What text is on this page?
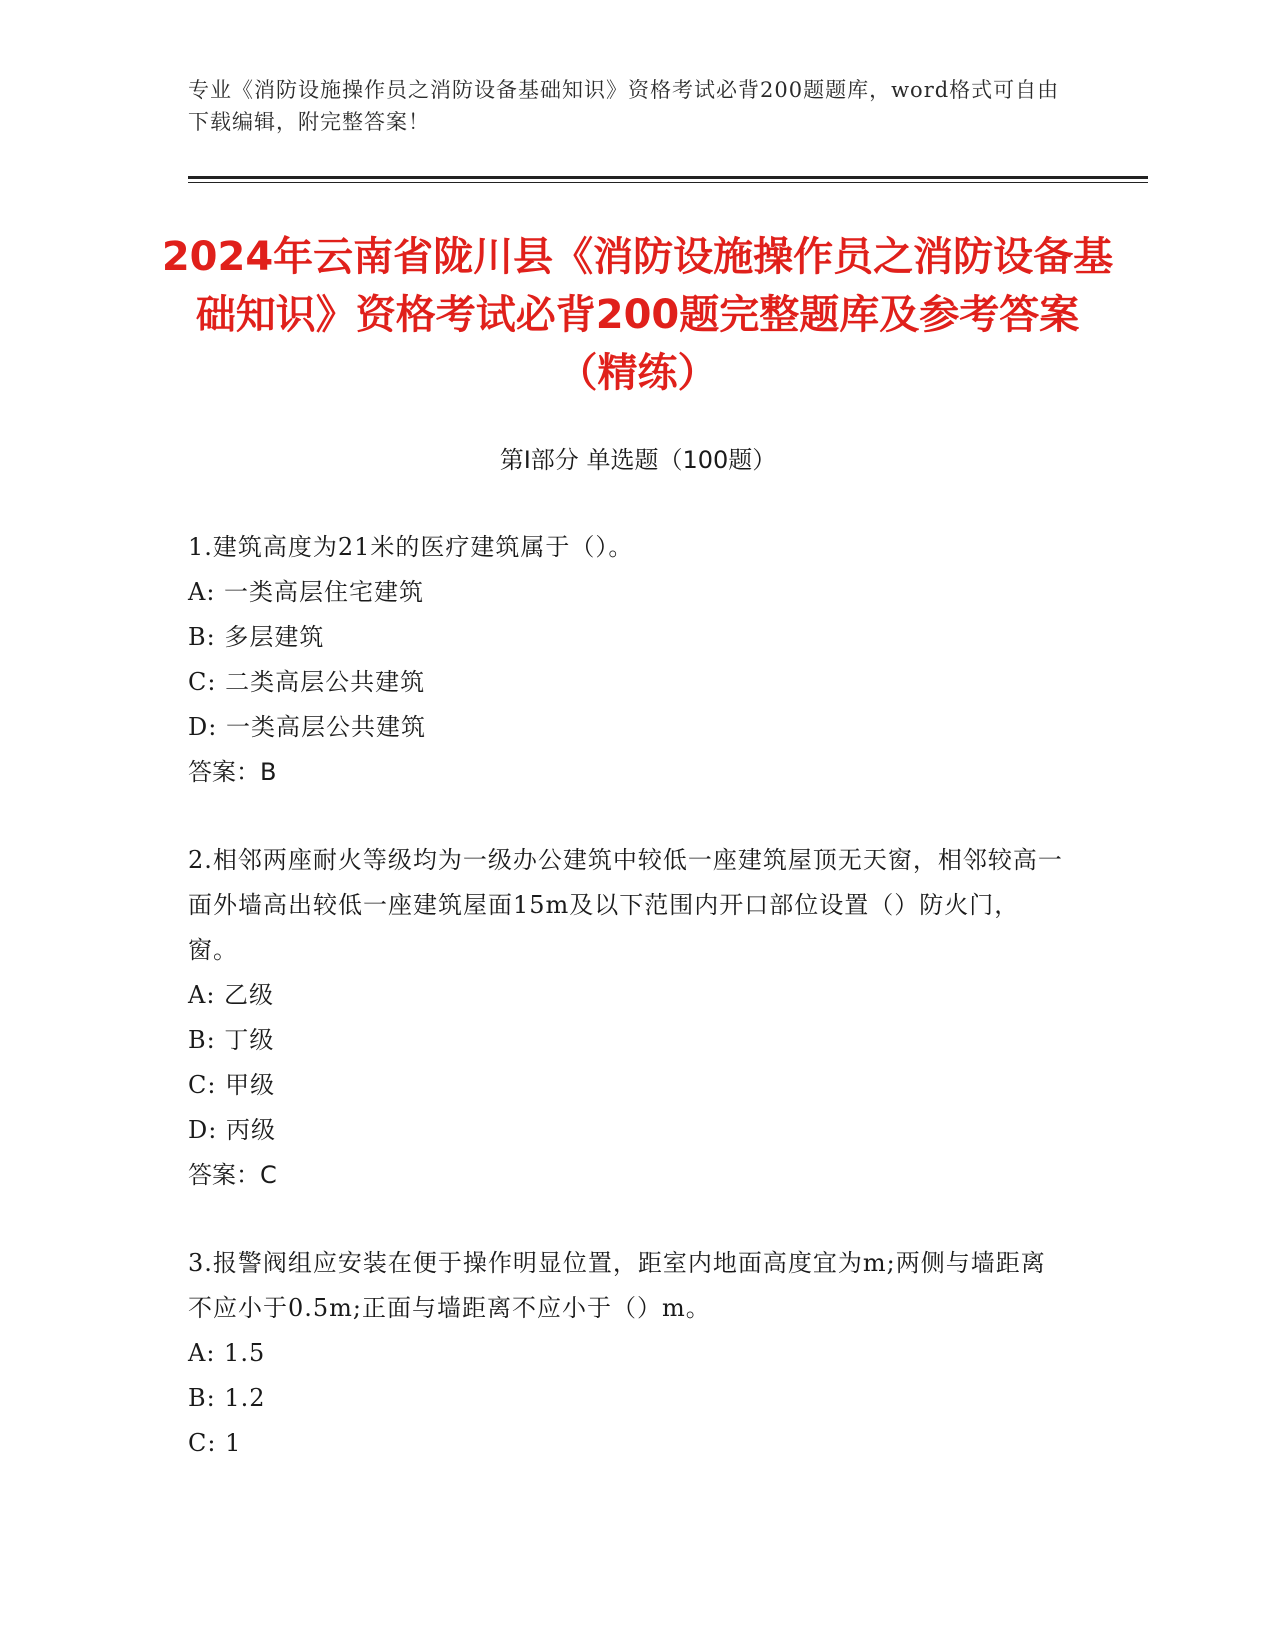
专业《消防设施操作员之消防设备基础知识》资格考试必背200题题库，word格式可自由下载编辑，附完整答案！
2024年云南省陇川县《消防设施操作员之消防设备基础知识》资格考试必背200题完整题库及参考答案（精练）
第I部分 单选题（100题）
1.建筑高度为21米的医疗建筑属于（）。
A: 一类高层住宅建筑
B: 多层建筑
C: 二类高层公共建筑
D: 一类高层公共建筑
答案：B
2.相邻两座耐火等级均为一级办公建筑中较低一座建筑屋顶无天窗，相邻较高一面外墙高出较低一座建筑屋面15m及以下范围内开口部位设置（）防火门，窗。
A: 乙级
B: 丁级
C: 甲级
D: 丙级
答案：C
3.报警阀组应安装在便于操作明显位置，距室内地面高度宜为m;两侧与墙距离不应小于0.5m;正面与墙距离不应小于（）m。
A: 1.5
B: 1.2
C: 1
